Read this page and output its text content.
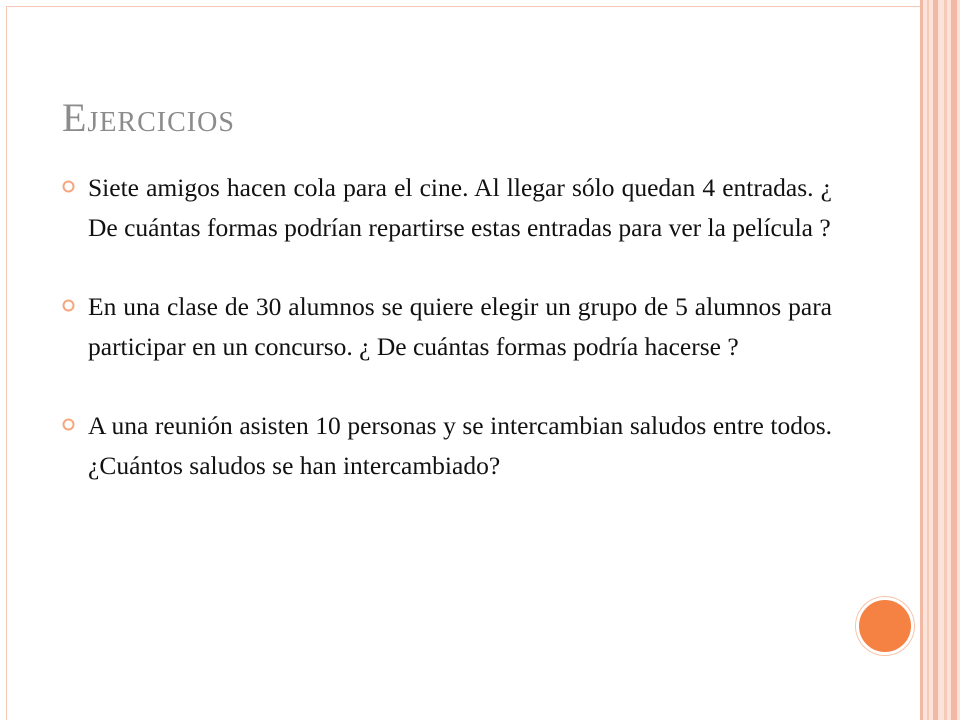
Ejercicios
Siete amigos hacen cola para el cine. Al llegar sólo quedan 4 entradas. ¿ De cuántas formas podrían repartirse estas entradas para ver la película ?
En una clase de 30 alumnos se quiere elegir un grupo de 5 alumnos para participar en un concurso. ¿ De cuántas formas podría hacerse ?
A una reunión asisten 10 personas y se intercambian saludos entre todos. ¿Cuántos saludos se han intercambiado?
